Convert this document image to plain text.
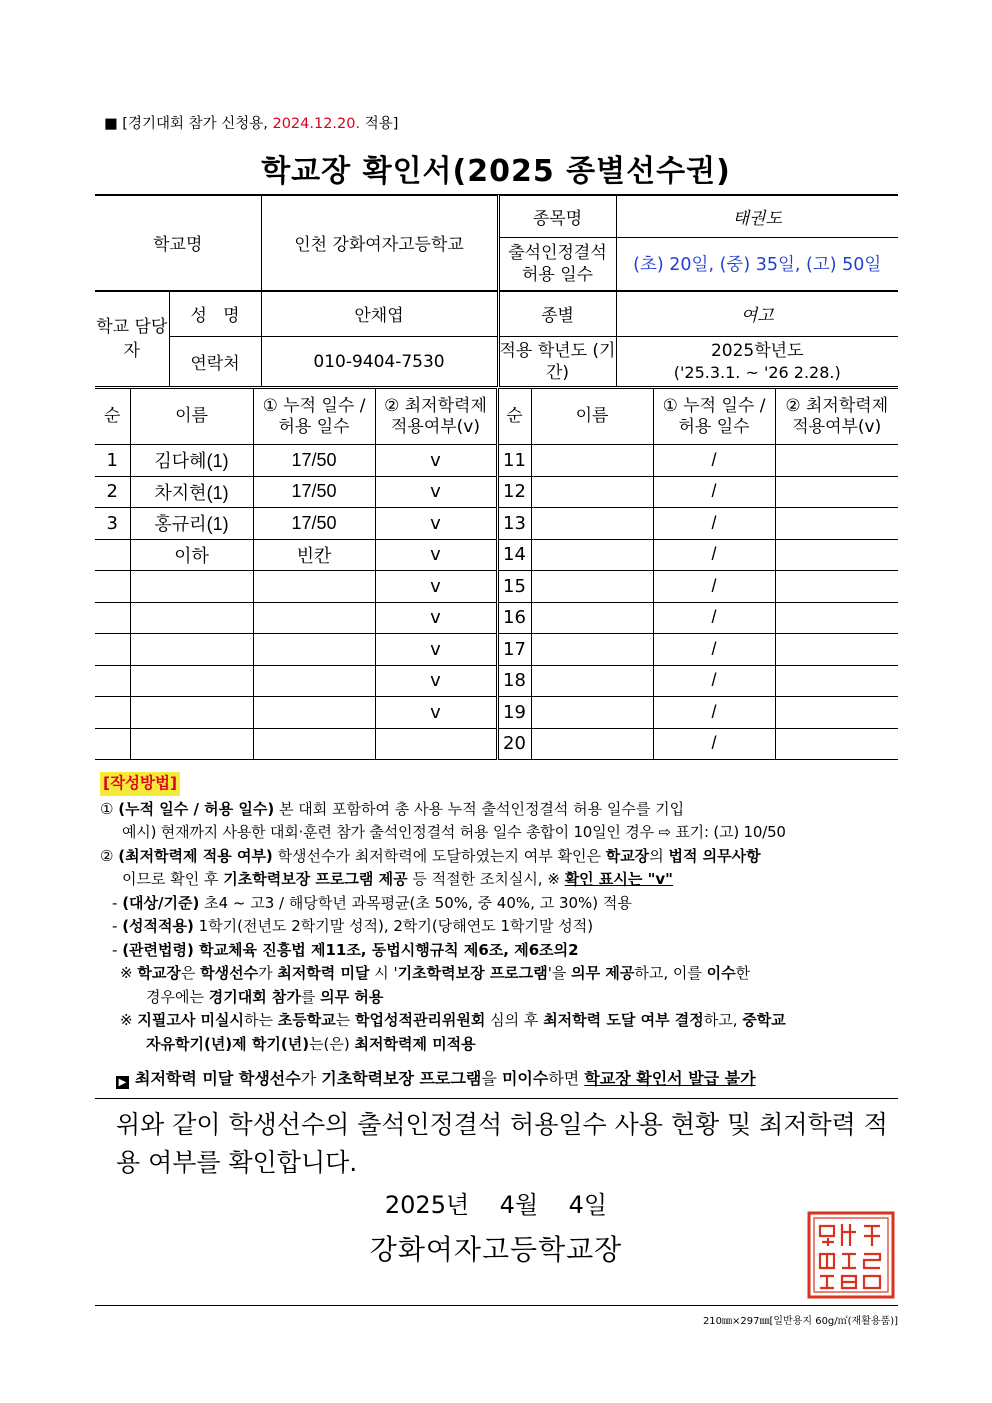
■ [경기대회 참가 신청용, 2024.12.20. 적용]
학교장 확인서(2025 종별선수권)
학교명		인천 강화여자고등학교	종목명	태권도
			출석인정결석 허용 일수	(초) 20일, (중) 35일, (고) 50일
학교 담당자	성   명	안채엽	종별	여고
	연락처	010-9404-7530	적용 학년도 (기간)	2025학년도
('25.3.1. ~ '26 2.28.)
순	이름	① 누적 일수 / 허용 일수	② 최저학력제 적용여부(v)	순	이름	① 누적 일수 / 허용 일수	② 최저학력제 적용여부(v)
1	김다혜(1)	17/50	v	11		/	
2	차지현(1)	17/50	v	12		/	
3	홍규리(1)	17/50	v	13		/	
	이하	빈칸	v	14		/	
			v	15		/	
			v	16		/	
			v	17		/	
			v	18		/	
			v	19		/	
				20		/	
[작성방법]
① (누적 일수 / 허용 일수) 본 대회 포함하여 총 사용 누적 출석인정결석 허용 일수를 기입
예시) 현재까지 사용한 대회·훈련 참가 출석인정결석 허용 일수 총합이 10일인 경우 ⇨ 표기: (고) 10/50
② (최저학력제 적용 여부) 학생선수가 최저학력에 도달하였는지 여부 확인은 학교장의 법적 의무사항
이므로 확인 후 기초학력보장 프로그램 제공 등 적절한 조치실시, ※ 확인 표시는 "v"
- (대상/기준) 초4 ~ 고3 / 해당학년 과목평균(초 50%, 중 40%, 고 30%) 적용
- (성적적용) 1학기(전년도 2학기말 성적), 2학기(당해연도 1학기말 성적)
- (관련법령) 학교체육 진흥법 제11조, 동법시행규칙 제6조, 제6조의2
※ 학교장은 학생선수가 최저학력 미달 시 '기초학력보장 프로그램'을 의무 제공하고, 이를 이수한
경우에는 경기대회 참가를 의무 허용
※ 지필고사 미실시하는 초등학교는 학업성적관리위원회 심의 후 최저학력 도달 여부 결정하고, 중학교
자유학기(년)제 학기(년)는(은) 최저학력제 미적용
▶ 최저학력 미달 학생선수가 기초학력보장 프로그램을 미이수하면 학교장 확인서 발급 불가
위와 같이 학생선수의 출석인정결석 허용일수 사용 현황 및 최저학력 적용 여부를 확인합니다.
2025년    4월    4일
강화여자고등학교장
210㎜×297㎜[일반용지 60g/㎡(재활용품)]
